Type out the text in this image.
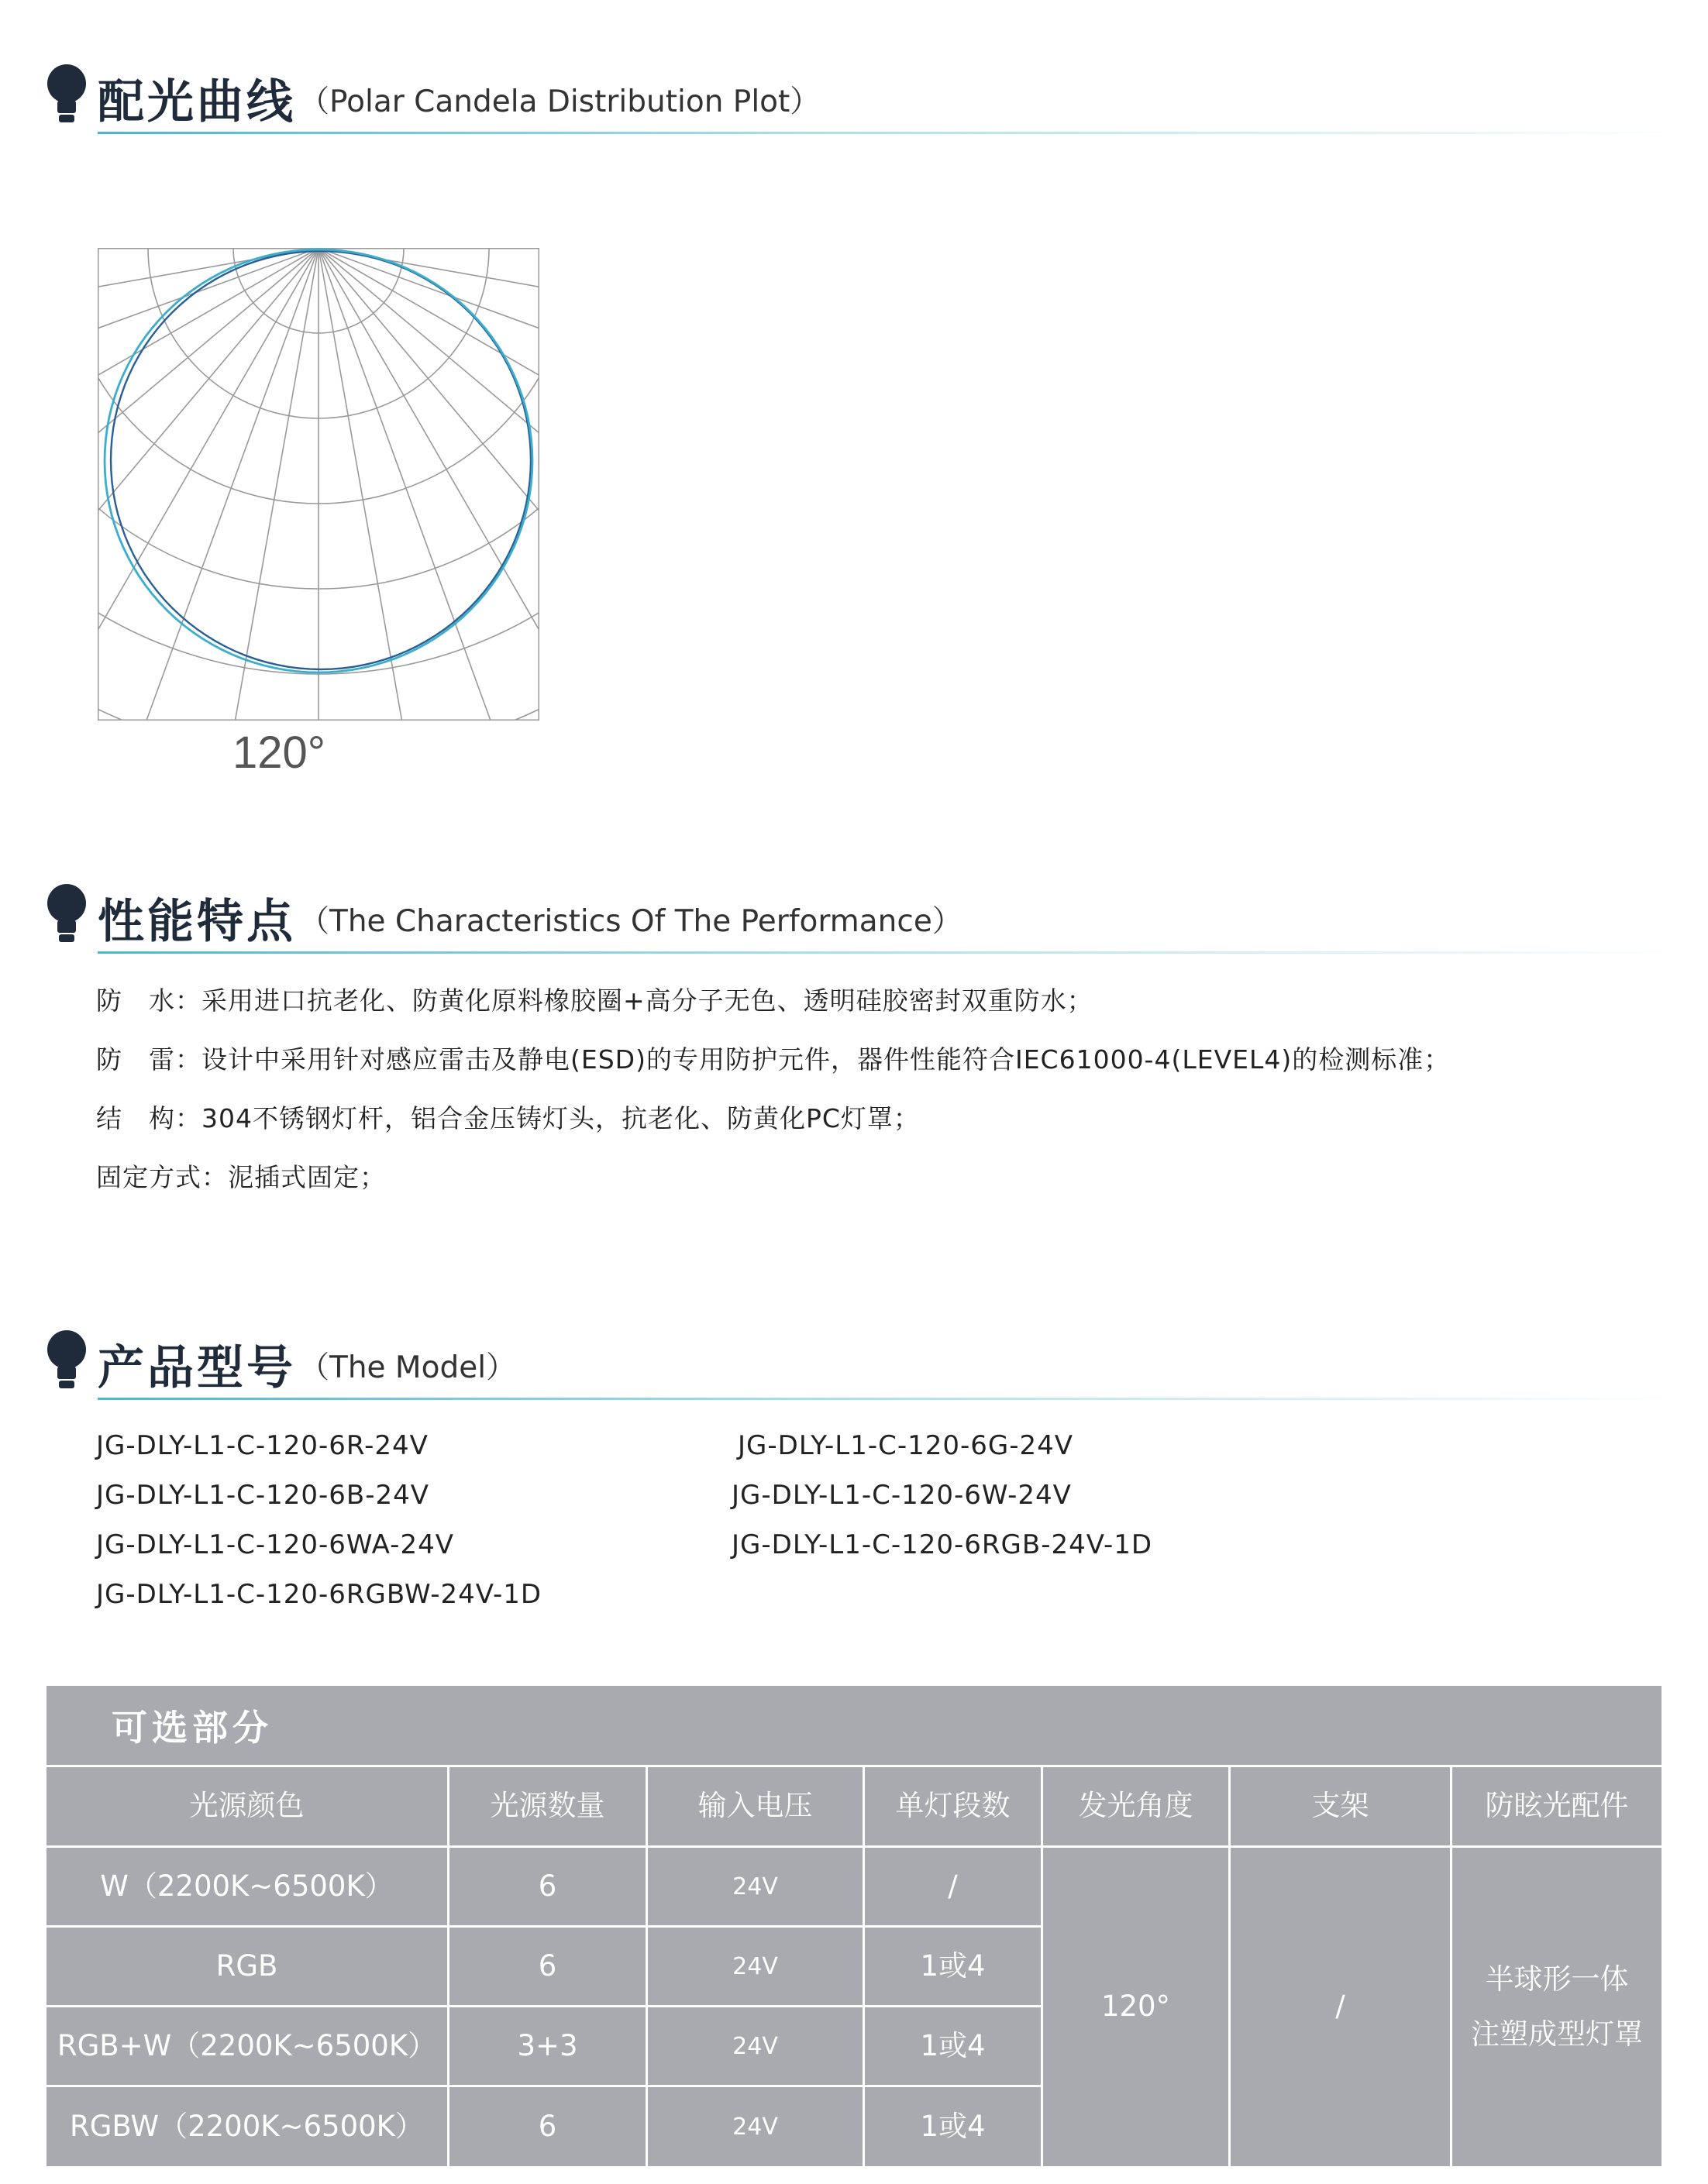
配光曲线 （Polar Candela Distribution Plot）
120°
性能特点 （The Characteristics Of The Performance）
防　水：采用进口抗老化、防黄化原料橡胶圈+高分子无色、透明硅胶密封双重防水；
防　雷：设计中采用针对感应雷击及静电(ESD)的专用防护元件，器件性能符合IEC61000-4(LEVEL4)的检测标准；
结　构：304不锈钢灯杆，铝合金压铸灯头，抗老化、防黄化PC灯罩；
固定方式：泥插式固定；
产品型号 （The Model）
JG-DLY-L1-C-120-6R-24V
JG-DLY-L1-C-120-6B-24V
JG-DLY-L1-C-120-6WA-24V
JG-DLY-L1-C-120-6RGBW-24V-1D
JG-DLY-L1-C-120-6G-24V
JG-DLY-L1-C-120-6W-24V
JG-DLY-L1-C-120-6RGB-24V-1D
可选部分
光源颜色	光源数量	输入电压	单灯段数	发光角度	支架	防眩光配件
W（2200K~6500K）	6	24V	/
RGB	6	24V	1或4
RGB+W（2200K~6500K）	3+3	24V	1或4
RGBW（2200K~6500K）	6	24V	1或4
120°	/
半球形一体
注塑成型灯罩
